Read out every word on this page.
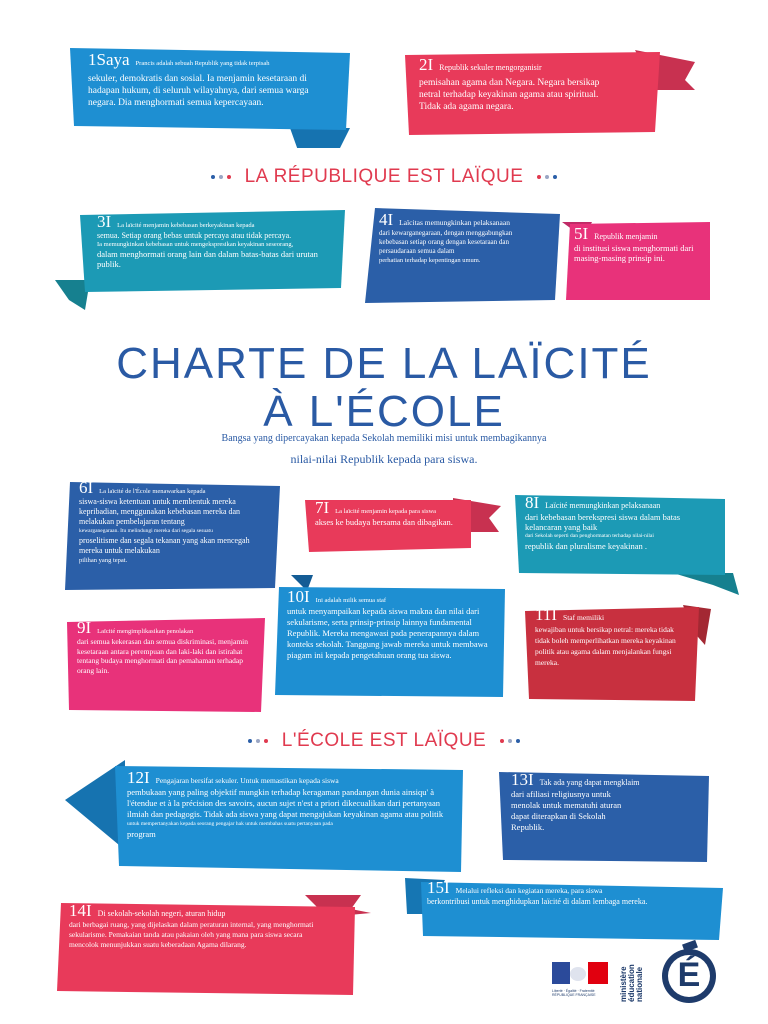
1Saya Prancis adalah sebuah Republik yang tidak terpisah

sekuler, demokratis dan sosial. Ia menjamin kesetaraan di hadapan hukum, di seluruh wilayahnya, dari semua warga negara. Dia menghormati semua kepercayaan.

2I Republik sekuler mengorganisir

pemisahan agama dan Negara. Negara bersikap netral terhadap keyakinan agama atau spiritual. Tidak ada agama negara.

LA RÉPUBLIQUE EST LAÏQUE

3I La laïcité menjamin kebebasan berkeyakinan kepada

semua. Setiap orang bebas untuk percaya atau tidak percaya.

Ia memungkinkan kebebasan untuk mengekspresikan keyakinan seseorang,

dalam menghormati orang lain dan dalam batas-batas dari urutan publik.

4I Laïcitas memungkinkan pelaksanaan

dari kewarganegaraan, dengan menggabungkan kebebasan setiap orang dengan kesetaraan dan persaudaraan semua dalam

perhatian terhadap kepentingan umum.

5I Republik menjamin

di institusi siswa menghormati dari masing-masing prinsip ini.

CHARTE DE LA LAÏCITÉ
À L'ÉCOLE
Bangsa yang dipercayakan kepada Sekolah memiliki misi untuk membagikannya
nilai-nilai Republik kepada para siswa.

6I La laïcité de l'École menawarkan kepada

siswa-siswa ketentuan untuk membentuk mereka kepribadian, menggunakan kebebasan mereka dan melakukan pembelajaran tentang

kewarganegaraan. Itu melindungi mereka dari segala sesuatu

proselitisme dan segala tekanan yang akan mencegah mereka untuk melakukan

pilihan yang tepat.

7I La laïcité menjamin kepada para siswa

akses ke budaya bersama dan dibagikan.

8I Laïcité memungkinkan pelaksanaan

dari kebebasan berekspresi siswa dalam batas kelancaran yang baik

dari Sekolah seperti dan penghormatan terhadap nilai-nilai

republik dan pluralisme keyakinan .

10I Ini adalah milik semua staf

untuk menyampaikan kepada siswa makna dan nilai dari sekularisme, serta prinsip-prinsip lainnya fundamental Republik. Mereka mengawasi pada penerapannya dalam konteks sekolah. Tanggung jawab mereka untuk membawa piagam ini kepada pengetahuan orang tua siswa.

9I Laïcité mengimplikasikan penolakan

dari semua kekerasan dan semua diskriminasi, menjamin kesetaraan antara perempuan dan laki-laki dan istirahat tentang budaya menghormati dan pemahaman terhadap orang lain.

11I Staf memiliki

kewajiban untuk bersikap netral: mereka tidak tidak boleh memperlihatkan mereka keyakinan politik atau agama dalam menjalankan fungsi mereka.

L'ÉCOLE EST LAÏQUE

12I Pengajaran bersifat sekuler. Untuk memastikan kepada siswa

pembukaan yang paling objektif mungkin terhadap keragaman pandangan dunia ainsiqu' à l'étendue et à la précision des savoirs, aucun sujet n'est a priori dikecualikan dari pertanyaan ilmiah dan pedagogis. Tidak ada siswa yang dapat mengajukan keyakinan agama atau politik

untuk mempertanyakan kepada seorang pengajar hak untuk membahas suatu pertanyaan pada

program

13I Tak ada yang dapat mengklaim

dari afiliasi religiusnya untuk menolak untuk mematuhi aturan dapat diterapkan di Sekolah Republik.

15I Melalui refleksi dan kegiatan mereka, para siswa

berkontribusi untuk menghidupkan laïcité di dalam lembaga mereka.

14I Di sekolah-sekolah negeri, aturan hidup

dari berbagai ruang, yang dijelaskan dalam peraturan internal, yang menghormati sekularisme. Pemakaian tanda atau pakaian oleh yang mana para siswa secara mencolok menunjukkan suatu keberadaan Agama dilarang.

Liberté · Égalité · Fraternité RÉPUBLIQUE FRANÇAISE	ministère éducation nationale É
